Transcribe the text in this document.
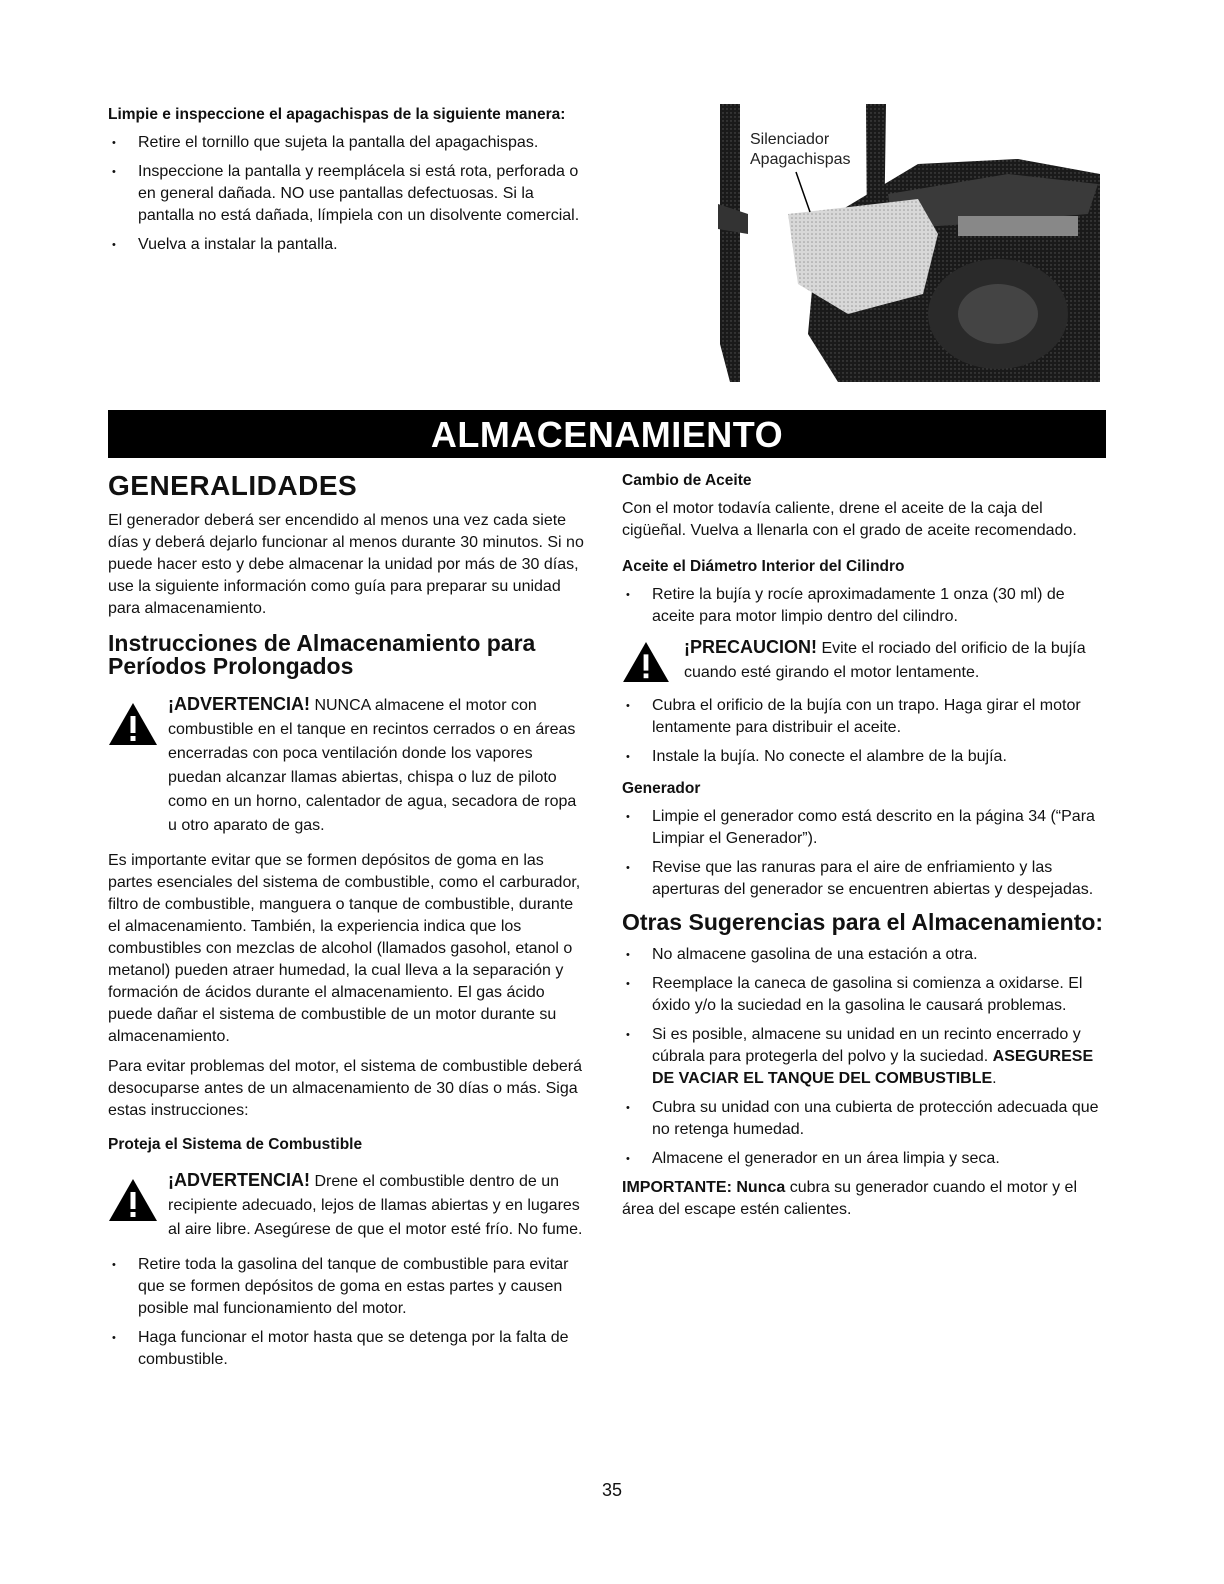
Limpie e inspeccione el apagachispas de la siguiente manera:

• Retire el tornillo que sujeta la pantalla del apagachispas.
• Inspeccione la pantalla y reemplácela si está rota, perforada o en general dañada. NO use pantallas defectuosas. Si la pantalla no está dañada, límpiela con un disolvente comercial.
• Vuelva a instalar la pantalla.
Silenciador
Apagachispas
ALMACENAMIENTO
GENERALIDADES

El generador deberá ser encendido al menos una vez cada siete días y deberá dejarlo funcionar al menos durante 30 minutos. Si no puede hacer esto y debe almacenar la unidad por más de 30 días, use la siguiente información como guía para preparar su unidad para almacenamiento.

Instrucciones de Almacenamiento para Períodos Prolongados

¡ADVERTENCIA! NUNCA almacene el motor con combustible en el tanque en recintos cerrados o en áreas encerradas con poca ventilación donde los vapores puedan alcanzar llamas abiertas, chispa o luz de piloto como en un horno, calentador de agua, secadora de ropa u otro aparato de gas.

Es importante evitar que se formen depósitos de goma en las partes esenciales del sistema de combustible, como el carburador, filtro de combustible, manguera o tanque de combustible, durante el almacenamiento. También, la experiencia indica que los combustibles con mezclas de alcohol (llamados gasohol, etanol o metanol) pueden atraer humedad, la cual lleva a la separación y formación de ácidos durante el almacenamiento. El gas ácido puede dañar el sistema de combustible de un motor durante su almacenamiento.

Para evitar problemas del motor, el sistema de combustible deberá desocuparse antes de un almacenamiento de 30 días o más. Siga estas instrucciones:

Proteja el Sistema de Combustible

¡ADVERTENCIA! Drene el combustible dentro de un recipiente adecuado, lejos de llamas abiertas y en lugares al aire libre. Asegúrese de que el motor esté frío. No fume.

• Retire toda la gasolina del tanque de combustible para evitar que se formen depósitos de goma en estas partes y causen posible mal funcionamiento del motor.
• Haga funcionar el motor hasta que se detenga por la falta de combustible.

Cambio de Aceite

Con el motor todavía caliente, drene el aceite de la caja del cigüeñal. Vuelva a llenarla con el grado de aceite recomendado.

Aceite el Diámetro Interior del Cilindro

• Retire la bujía y rocíe aproximadamente 1 onza (30 ml) de aceite para motor limpio dentro del cilindro.

¡PRECAUCION! Evite el rociado del orificio de la bujía cuando esté girando el motor lentamente.

• Cubra el orificio de la bujía con un trapo. Haga girar el motor lentamente para distribuir el aceite.
• Instale la bujía. No conecte el alambre de la bujía.

Generador

• Limpie el generador como está descrito en la página 34 (“Para Limpiar el Generador”).
• Revise que las ranuras para el aire de enfriamiento y las aperturas del generador se encuentren abiertas y despejadas.
Otras Sugerencias para el Almacenamiento:
• No almacene gasolina de una estación a otra.
• Reemplace la caneca de gasolina si comienza a oxidarse. El óxido y/o la suciedad en la gasolina le causará problemas.
• Si es posible, almacene su unidad en un recinto encerrado y cúbrala para protegerla del polvo y la suciedad. ASEGURESE DE VACIAR EL TANQUE DEL COMBUSTIBLE.
• Cubra su unidad con una cubierta de protección adecuada que no retenga humedad.
• Almacene el generador en un área limpia y seca.

IMPORTANTE: Nunca cubra su generador cuando el motor y el área del escape estén calientes.

35
